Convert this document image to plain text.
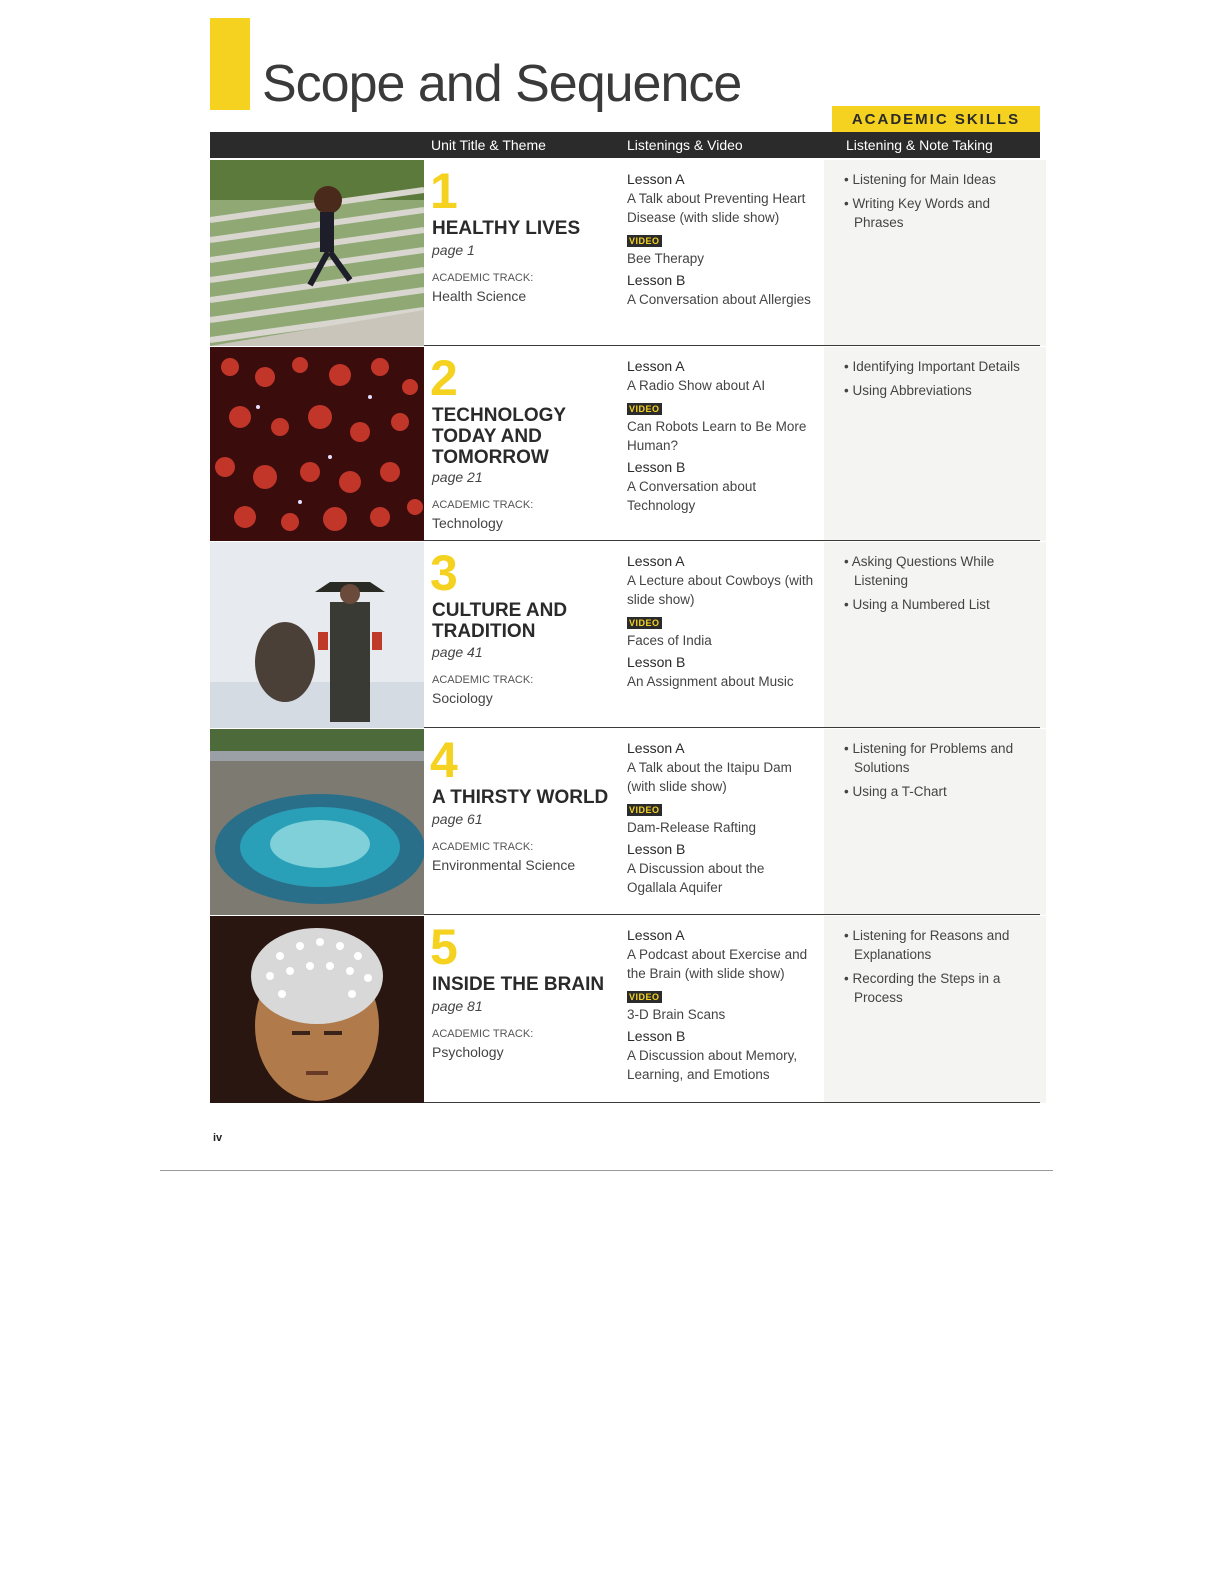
Scope and Sequence
ACADEMIC SKILLS
Unit Title & Theme	Listenings & Video	Listening & Note Taking
1
HEALTHY LIVES
page 1
ACADEMIC TRACK:
Health Science
Lesson A
A Talk about Preventing Heart Disease (with slide show)
VIDEO
Bee Therapy
Lesson B
A Conversation about Allergies
• Listening for Main Ideas
• Writing Key Words and Phrases
2
TECHNOLOGY
TODAY AND
TOMORROW
page 21
ACADEMIC TRACK:
Technology
Lesson A
A Radio Show about AI
VIDEO
Can Robots Learn to Be More Human?
Lesson B
A Conversation about Technology
• Identifying Important Details
• Using Abbreviations
3
CULTURE AND
TRADITION
page 41
ACADEMIC TRACK:
Sociology
Lesson A
A Lecture about Cowboys (with slide show)
VIDEO
Faces of India
Lesson B
An Assignment about Music
• Asking Questions While Listening
• Using a Numbered List
4
A THIRSTY WORLD
page 61
ACADEMIC TRACK:
Environmental Science
Lesson A
A Talk about the Itaipu Dam (with slide show)
VIDEO
Dam-Release Rafting
Lesson B
A Discussion about the Ogallala Aquifer
• Listening for Problems and Solutions
• Using a T-Chart
5
INSIDE THE BRAIN
page 81
ACADEMIC TRACK:
Psychology
Lesson A
A Podcast about Exercise and the Brain (with slide show)
VIDEO
3-D Brain Scans
Lesson B
A Discussion about Memory, Learning, and Emotions
• Listening for Reasons and Explanations
• Recording the Steps in a Process
iv
